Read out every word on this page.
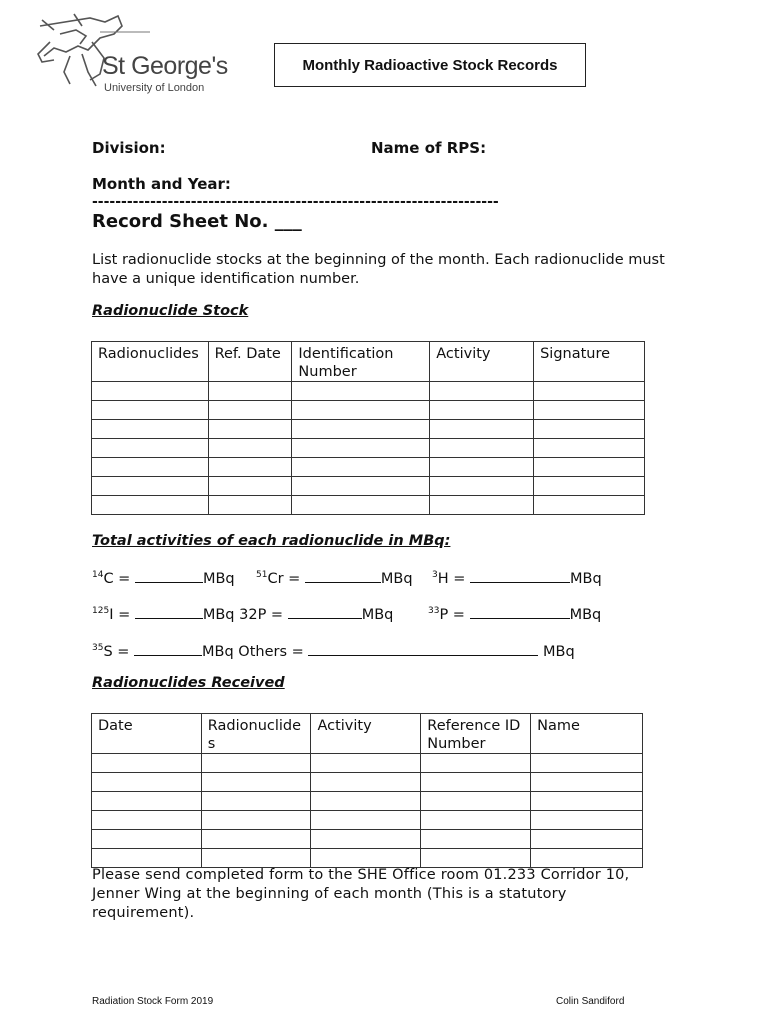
St George's
University of London
Monthly Radioactive Stock Records
Division:	Name of RPS:
Month and Year:
----------------------------------------------------------------------
Record Sheet No. ___
List radionuclide stocks at the beginning of the month. Each radionuclide must have a unique identification number.
Radionuclide Stock
Radionuclides	Ref. Date	Identification Number	Activity	Signature

Total activities of each radionuclide in MBq:
$^{14}$C =	MBq $^{51}$Cr =	MBq $^3$H =	MBq
$^{125}$I =	MBq 32P =	MBq	$^{33}$P =	MBq
$^{35}$S =	MBq Others =	MBq
Radionuclides Received
Date	Radionuclides	Activity	Reference ID Number	Name

Please send completed form to the SHE Office room 01.233 Corridor 10, Jenner Wing at the beginning of each month (This is a statutory requirement).
Radiation Stock Form 2019	Colin Sandiford
